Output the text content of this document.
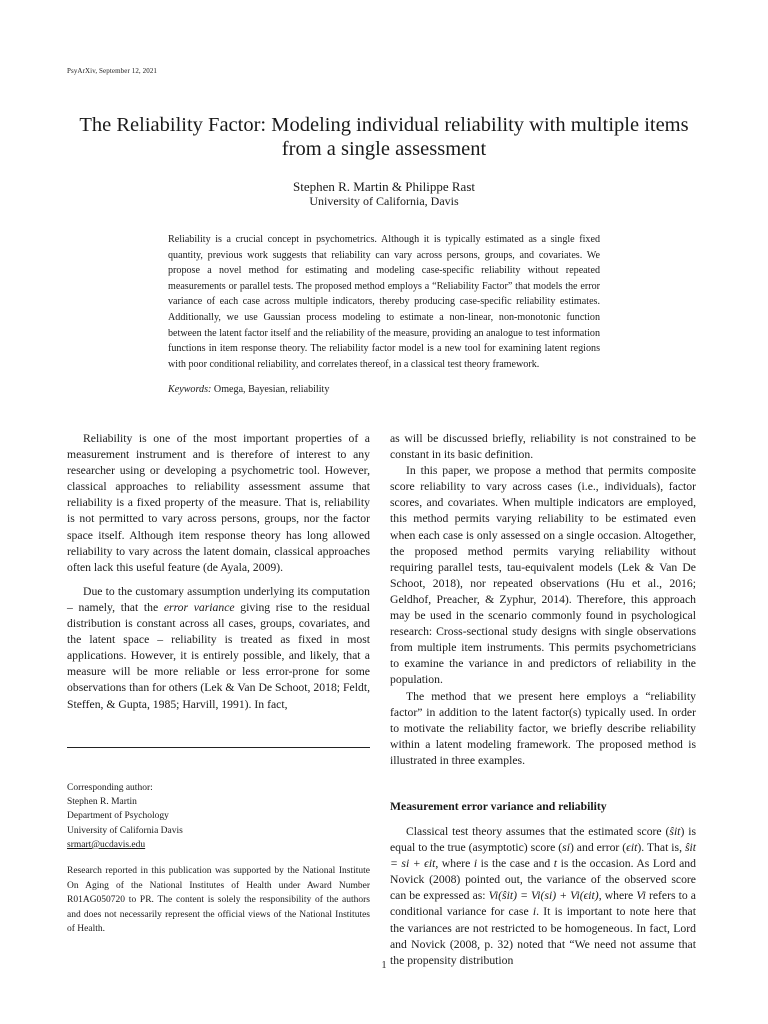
PsyArXiv, September 12, 2021
The Reliability Factor: Modeling individual reliability with multiple items from a single assessment
Stephen R. Martin & Philippe Rast
University of California, Davis
Reliability is a crucial concept in psychometrics. Although it is typically estimated as a single fixed quantity, previous work suggests that reliability can vary across persons, groups, and covariates. We propose a novel method for estimating and modeling case-specific reliability without repeated measurements or parallel tests. The proposed method employs a “Reliability Factor” that models the error variance of each case across multiple indicators, thereby producing case-specific reliability estimates. Additionally, we use Gaussian process modeling to estimate a non-linear, non-monotonic function between the latent factor itself and the reliability of the measure, providing an analogue to test information functions in item response theory. The reliability factor model is a new tool for examining latent regions with poor conditional reliability, and correlates thereof, in a classical test theory framework.
Keywords: Omega, Bayesian, reliability

Reliability is one of the most important properties of a measurement instrument and is therefore of interest to any researcher using or developing a psychometric tool. However, classical approaches to reliability assessment assume that reliability is a fixed property of the measure. That is, reliability is not permitted to vary across persons, groups, nor the factor space itself. Although item response theory has long allowed reliability to vary across the latent domain, classical approaches often lack this useful feature (de Ayala, 2009).

Due to the customary assumption underlying its computation – namely, that the error variance giving rise to the residual distribution is constant across all cases, groups, covariates, and the latent space – reliability is treated as fixed in most applications. However, it is entirely possible, and likely, that a measure will be more reliable or less error-prone for some observations than for others (Lek & Van De Schoot, 2018; Feldt, Steffen, & Gupta, 1985; Harvill, 1991). In fact,

Corresponding author:
Stephen R. Martin
Department of Psychology
University of California Davis
srmart@ucdavis.edu
Research reported in this publication was supported by the National Institute On Aging of the National Institutes of Health under Award Number R01AG050720 to PR. The content is solely the responsibility of the authors and does not necessarily represent the official views of the National Institutes of Health.

as will be discussed briefly, reliability is not constrained to be constant in its basic definition.

In this paper, we propose a method that permits composite score reliability to vary across cases (i.e., individuals), factor scores, and covariates. When multiple indicators are employed, this method permits varying reliability to be estimated even when each case is only assessed on a single occasion. Altogether, the proposed method permits varying reliability without requiring parallel tests, tau-equivalent models (Lek & Van De Schoot, 2018), nor repeated observations (Hu et al., 2016; Geldhof, Preacher, & Zyphur, 2014). Therefore, this approach may be used in the scenario commonly found in psychological research: Cross-sectional study designs with single observations from multiple item instruments. This permits psychometricians to examine the variance in and predictors of reliability in the population.

The method that we present here employs a “reliability factor” in addition to the latent factor(s) typically used. In order to motivate the reliability factor, we briefly describe reliability within a latent modeling framework. The proposed method is illustrated in three examples.

Measurement error variance and reliability

Classical test theory assumes that the estimated score (ŝit) is equal to the true (asymptotic) score (si) and error (ϵit). That is, ŝit = si + ϵit, where i is the case and t is the occasion. As Lord and Novick (2008) pointed out, the variance of the observed score can be expressed as: Vi(ŝit) = Vi(si) + Vi(ϵit), where Vi refers to a conditional variance for case i. It is important to note here that the variances are not restricted to be homogeneous. In fact, Lord and Novick (2008, p. 32) noted that “We need not assume that the propensity distribution

1
